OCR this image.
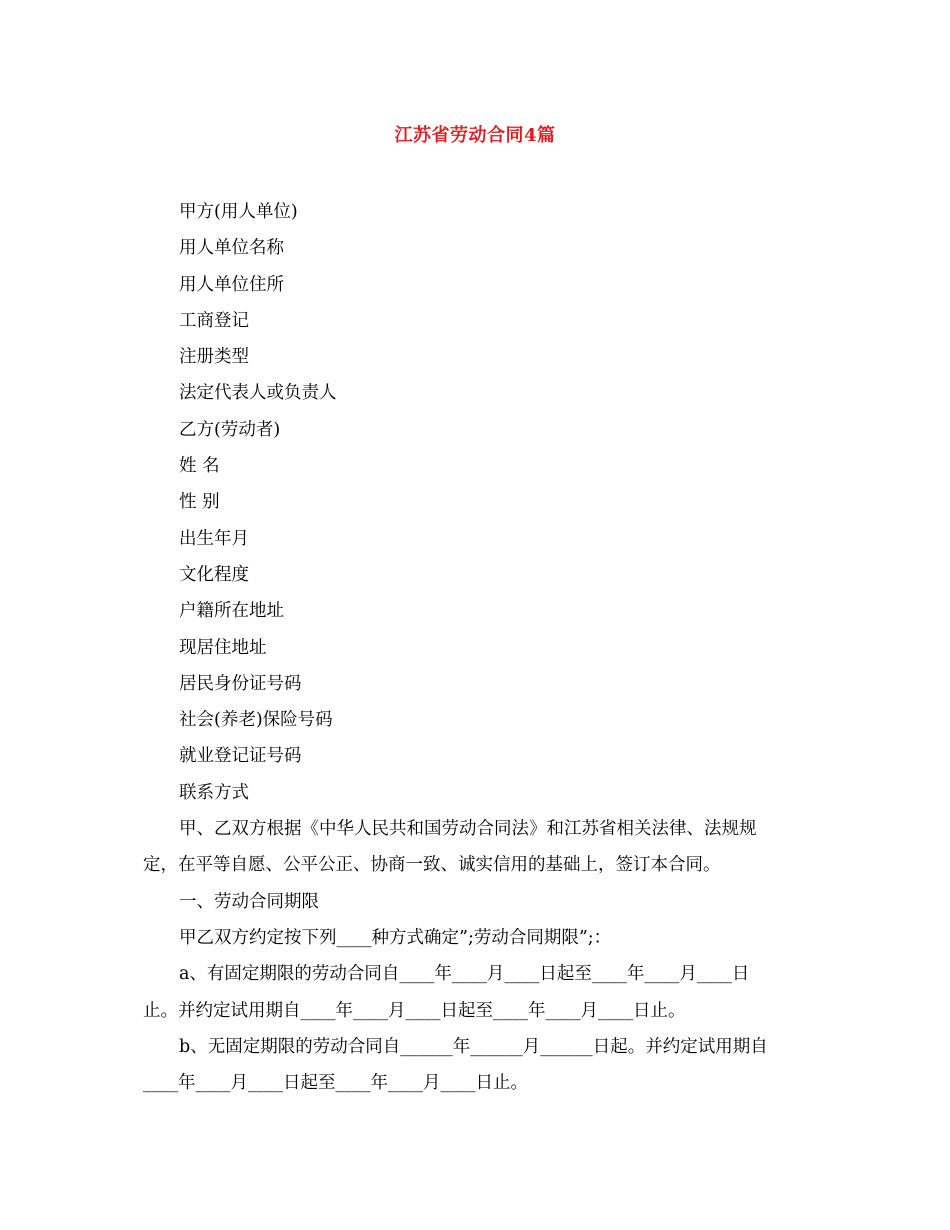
江苏省劳动合同4篇

甲方(用人单位)

用人单位名称

用人单位住所

工商登记

注册类型

法定代表人或负责人

乙方(劳动者)

姓 名

性 别

出生年月

文化程度

户籍所在地址

现居住地址

居民身份证号码

社会(养老)保险号码

就业登记证号码

联系方式

甲、乙双方根据《中华人民共和国劳动合同法》和江苏省相关法律、法规规

定，在平等自愿、公平公正、协商一致、诚实信用的基础上，签订本合同。

一、劳动合同期限

甲乙双方约定按下列____种方式确定”;劳动合同期限”;：

a、有固定期限的劳动合同自____年____月____日起至____年____月____日

止。并约定试用期自____年____月____日起至____年____月____日止。

b、无固定期限的劳动合同自______年______月______日起。并约定试用期自

____年____月____日起至____年____月____日止。
